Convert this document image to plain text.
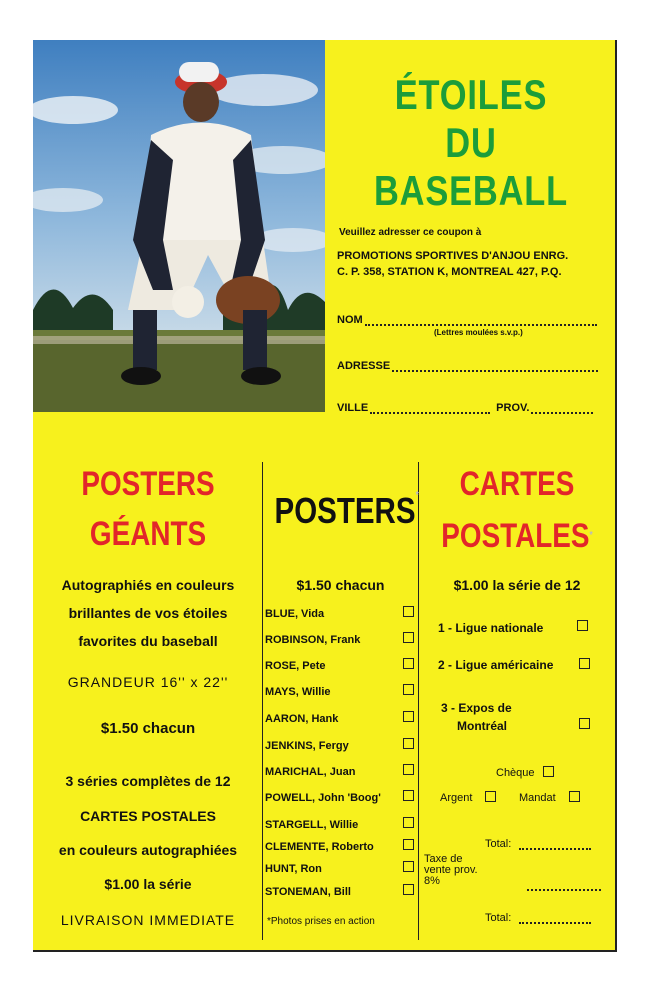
ÉTOILES
DU
BASEBALL
Veuillez adresser ce coupon à
PROMOTIONS SPORTIVES D'ANJOU ENRG.
C. P. 358, STATION K, MONTREAL 427, P.Q.
NOM
(Lettres moulées s.v.p.)
ADRESSE
VILLE	PROV.
POSTERS
GÉANTS
Autographiés en couleurs
brillantes de vos étoiles
favorites du baseball
GRANDEUR 16'' x 22''
$1.50 chacun
3 séries complètes de 12
CARTES POSTALES
en couleurs autographiées
$1.00 la série
LIVRAISON IMMEDIATE
POSTERS*
$1.50 chacun
BLUE, Vida
ROBINSON, Frank
ROSE, Pete
MAYS, Willie
AARON, Hank
JENKINS, Fergy
MARICHAL, Juan
POWELL, John 'Boog'
STARGELL, Willie
CLEMENTE, Roberto
HUNT, Ron
STONEMAN, Bill
*Photos prises en action
CARTES
POSTALES*
$1.00 la série de 12
1 - Ligue nationale
2 - Ligue américaine
3 - Expos de
Montréal
Chèque
Argent	Mandat
Total:
Taxe de
vente prov.
8%
Total:
